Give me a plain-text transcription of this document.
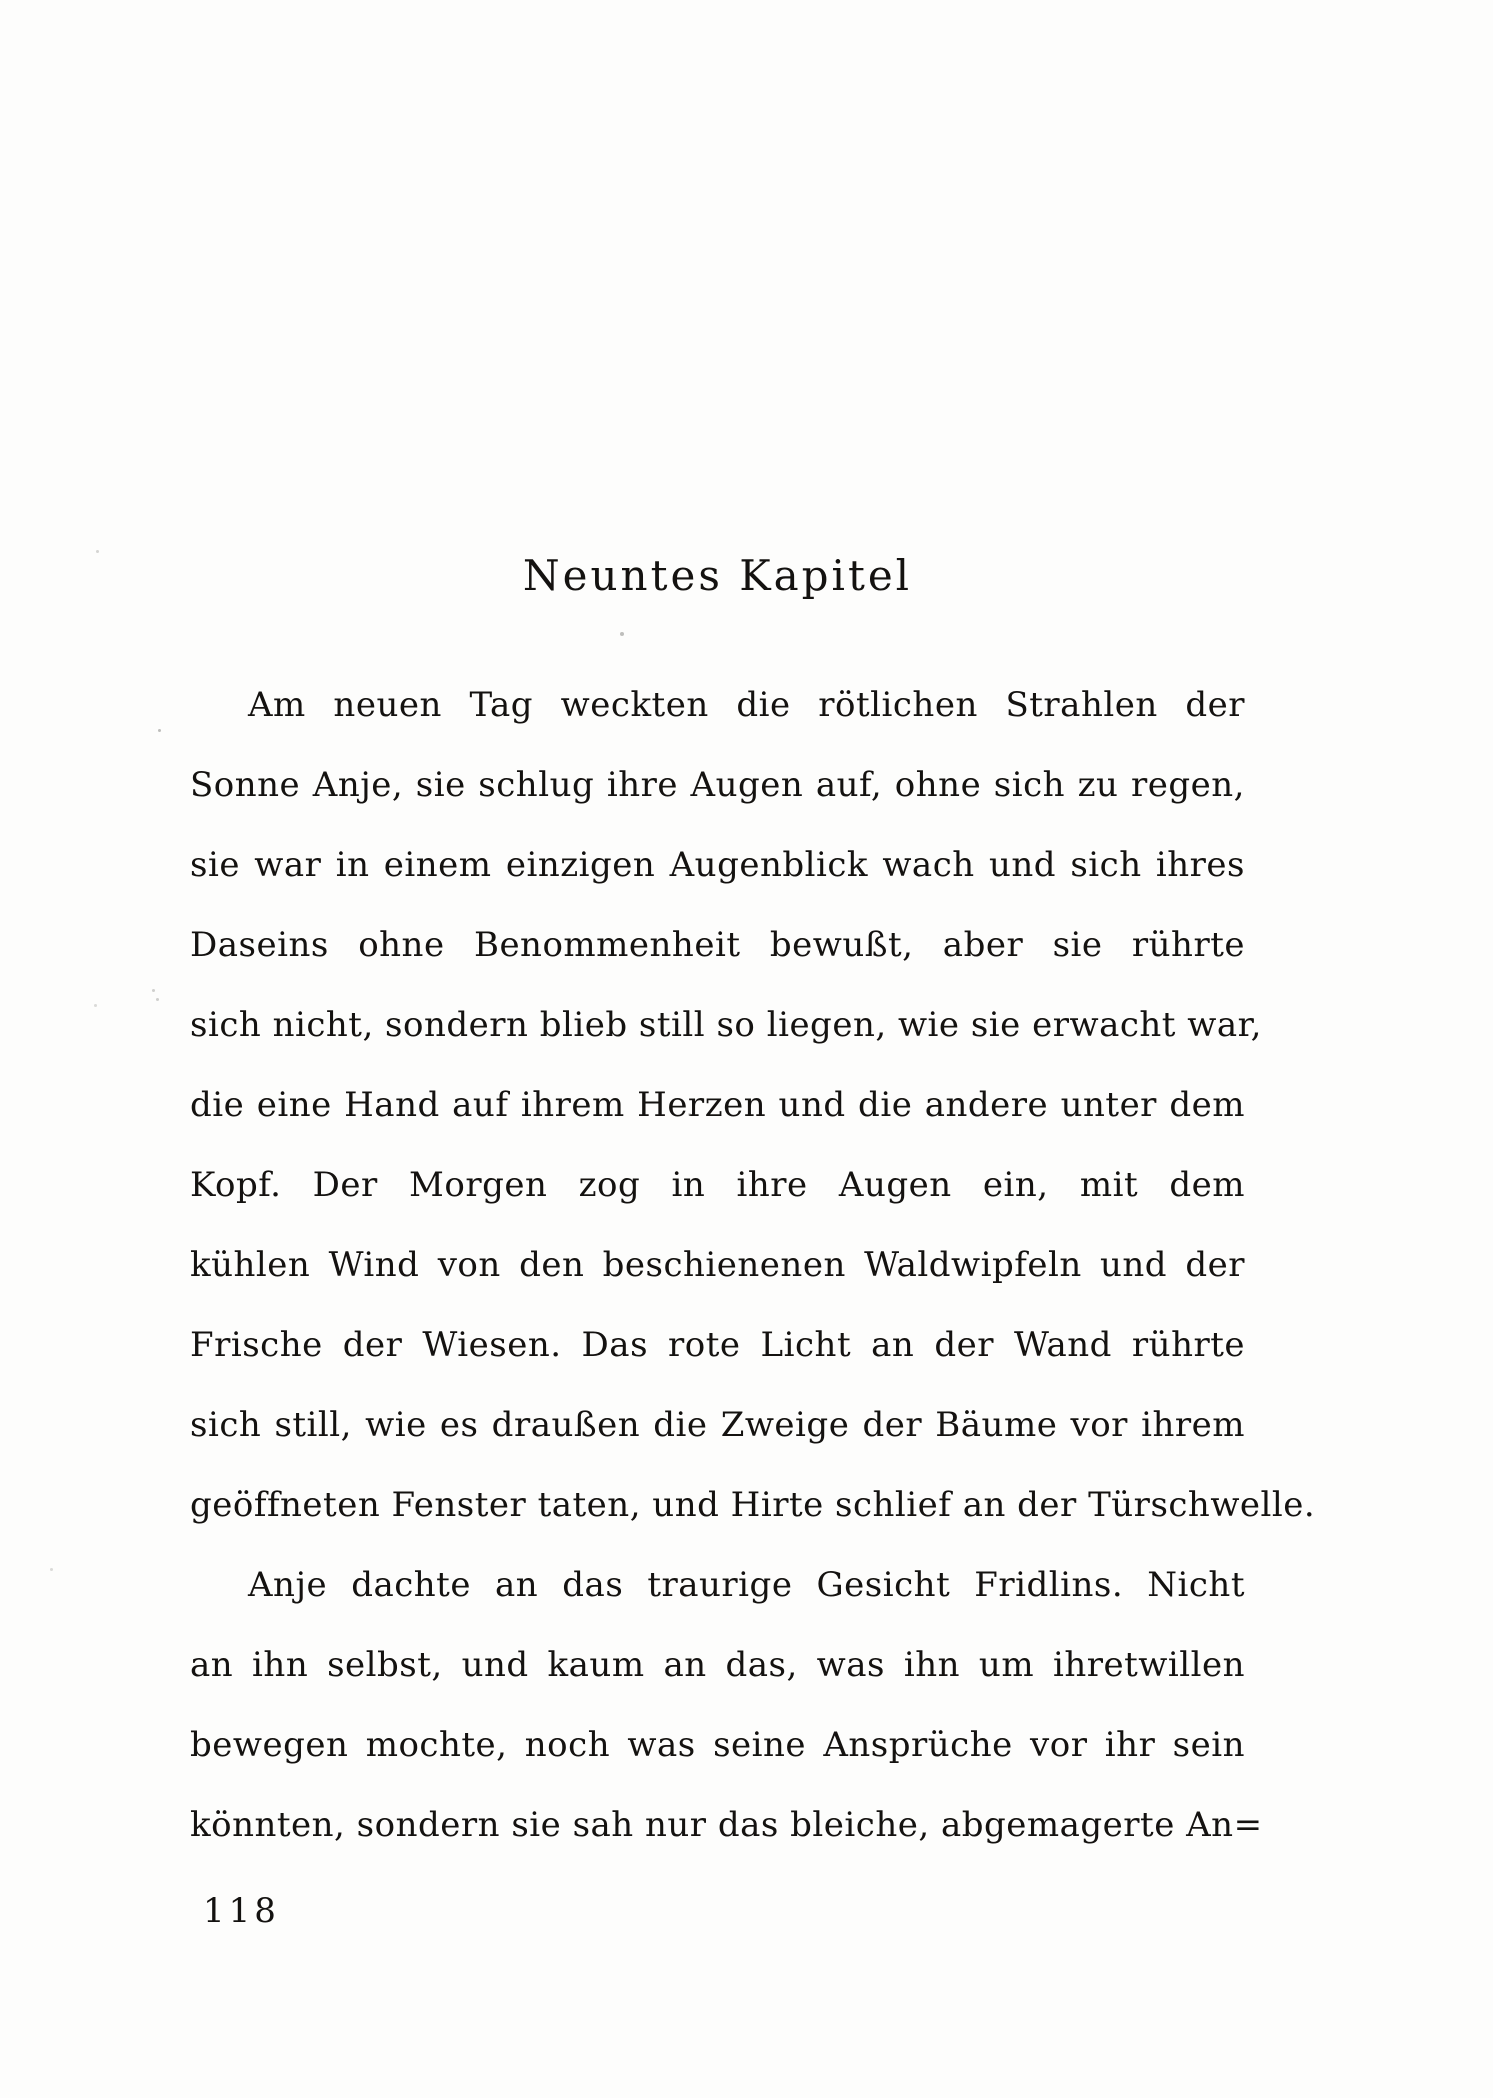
Neuntes Kapitel

Am neuen Tag weckten die rötlichen Strahlen der
Sonne Anje, sie schlug ihre Augen auf, ohne sich zu regen,
sie war in einem einzigen Augenblick wach und sich ihres
Daseins ohne Benommenheit bewußt, aber sie rührte
sich nicht, sondern blieb still so liegen, wie sie erwacht war,
die eine Hand auf ihrem Herzen und die andere unter dem
Kopf. Der Morgen zog in ihre Augen ein, mit dem
kühlen Wind von den beschienenen Waldwipfeln und der
Frische der Wiesen. Das rote Licht an der Wand rührte
sich still, wie es draußen die Zweige der Bäume vor ihrem
geöffneten Fenster taten, und Hirte schlief an der Türschwelle.

Anje dachte an das traurige Gesicht Fridlins. Nicht
an ihn selbst, und kaum an das, was ihn um ihretwillen
bewegen mochte, noch was seine Ansprüche vor ihr sein
könnten, sondern sie sah nur das bleiche, abgemagerte An=

118
